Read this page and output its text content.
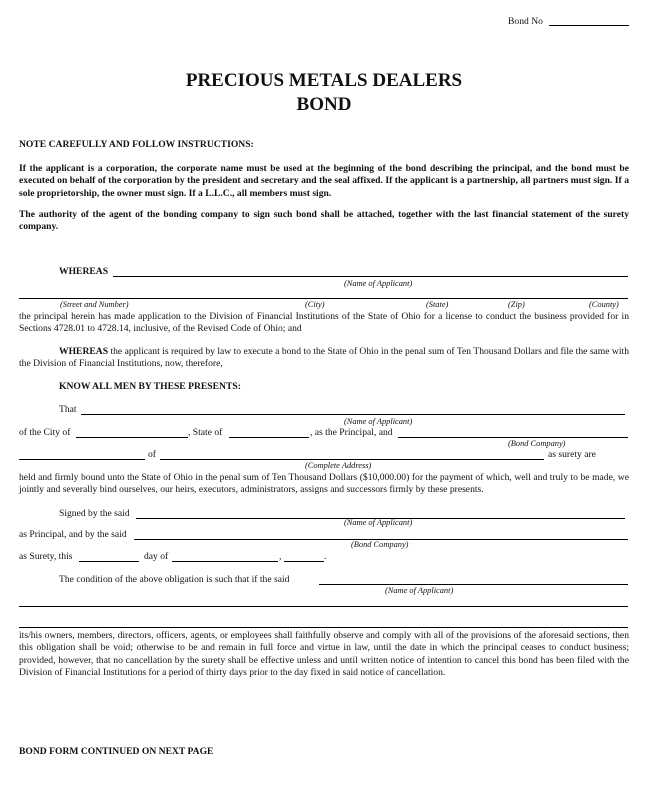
Bond No
PRECIOUS METALS DEALERS
BOND
NOTE CAREFULLY AND FOLLOW INSTRUCTIONS:
If the applicant is a corporation, the corporate name must be used at the beginning of the bond describing the principal, and the bond must be executed on behalf of the corporation by the president and secretary and the seal affixed. If the applicant is a partnership, all partners must sign. If a sole proprietorship, the owner must sign. If a L.L.C., all members must sign.
The authority of the agent of the bonding company to sign such bond shall be attached, together with the last financial statement of the surety company.
WHEREAS
(Name of Applicant)
(Street and Number)	(City)	(State)	(Zip)	(County)
the principal herein has made application to the Division of Financial Institutions of the State of Ohio for a license to conduct the business provided for in Sections 4728.01 to 4728.14, inclusive, of the Revised Code of Ohio; and
WHEREAS the applicant is required by law to execute a bond to the State of Ohio in the penal sum of Ten Thousand Dollars and file the same with the Division of Financial Institutions, now, therefore,
KNOW ALL MEN BY THESE PRESENTS:
That
(Name of Applicant)
of the City of	, State of	, as the Principal, and
(Bond Company)
of	as surety are
(Complete Address)
held and firmly bound unto the State of Ohio in the penal sum of Ten Thousand Dollars ($10,000.00) for the payment of which, well and truly to be made, we jointly and severally bind ourselves, our heirs, executors, administrators, assigns and successors firmly by these presents.
Signed by the said
(Name of Applicant)
as Principal, and by the said
(Bond Company)
as Surety, this	day of	,	.
The condition of the above obligation is such that if the said
(Name of Applicant)
its/his owners, members, directors, officers, agents, or employees shall faithfully observe and comply with all of the provisions of the aforesaid sections, then this obligation shall be void; otherwise to be and remain in full force and virtue in law, until the date in which the principal ceases to conduct business; provided, however, that no cancellation by the surety shall be effective unless and until written notice of intention to cancel this bond has been filed with the Division of Financial Institutions for a period of thirty days prior to the day fixed in said notice of cancellation.
BOND FORM CONTINUED ON NEXT PAGE
